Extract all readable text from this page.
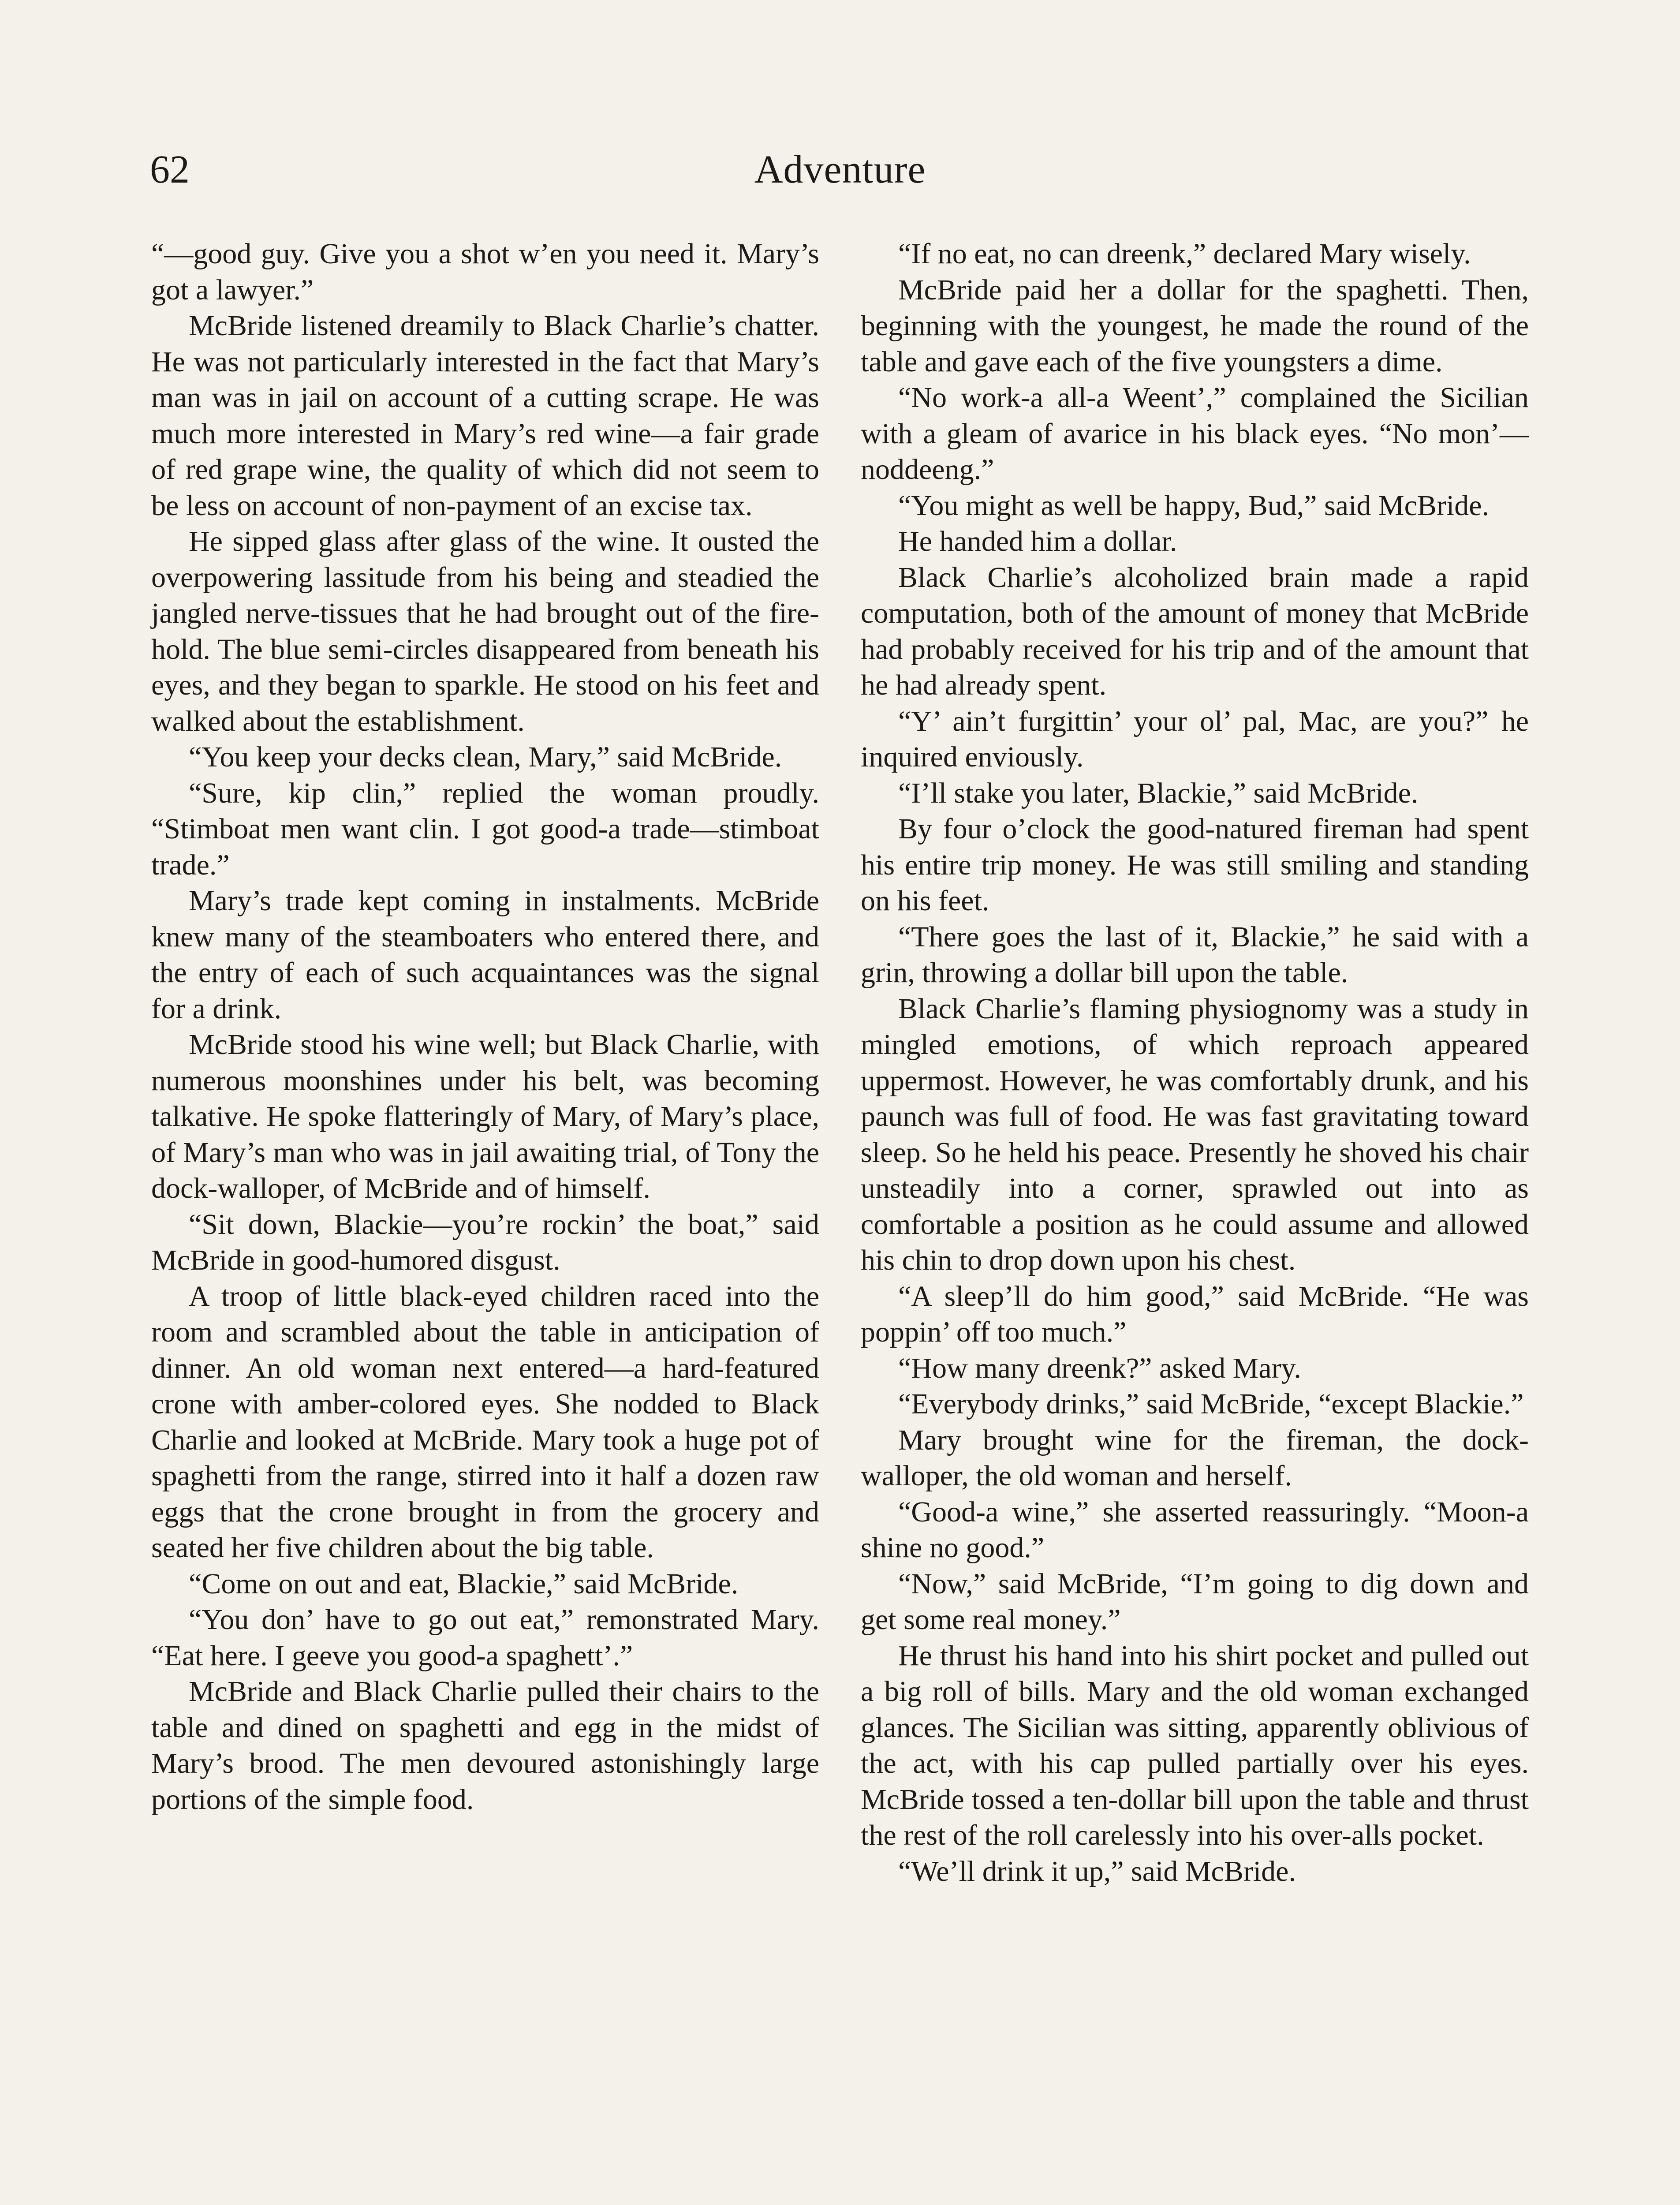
62	Adventure

“—good guy. Give you a shot w’en you need it. Mary’s got a lawyer.”

McBride listened dreamily to Black Charlie’s chatter. He was not particularly interested in the fact that Mary’s man was in jail on account of a cutting scrape. He was much more interested in Mary’s red wine—a fair grade of red grape wine, the quality of which did not seem to be less on account of non-payment of an excise tax.

He sipped glass after glass of the wine. It ousted the overpowering lassitude from his being and steadied the jangled nerve-tissues that he had brought out of the fire-hold. The blue semi-circles disappeared from beneath his eyes, and they began to sparkle. He stood on his feet and walked about the establishment.

“You keep your decks clean, Mary,” said McBride.

“Sure, kip clin,” replied the woman proudly. “Stimboat men want clin. I got good-a trade—stimboat trade.”

Mary’s trade kept coming in instalments. McBride knew many of the steamboaters who entered there, and the entry of each of such acquaintances was the signal for a drink.

McBride stood his wine well; but Black Charlie, with numerous moonshines under his belt, was becoming talkative. He spoke flatteringly of Mary, of Mary’s place, of Mary’s man who was in jail awaiting trial, of Tony the dock-walloper, of McBride and of himself.

“Sit down, Blackie—you’re rockin’ the boat,” said McBride in good-humored disgust.

A troop of little black-eyed children raced into the room and scrambled about the table in anticipation of dinner. An old woman next entered—a hard-featured crone with amber-colored eyes. She nodded to Black Charlie and looked at McBride. Mary took a huge pot of spaghetti from the range, stirred into it half a dozen raw eggs that the crone brought in from the grocery and seated her five children about the big table.

“Come on out and eat, Blackie,” said McBride.

“You don’ have to go out eat,” remonstrated Mary. “Eat here. I geeve you good-a spaghett’.”

McBride and Black Charlie pulled their chairs to the table and dined on spaghetti and egg in the midst of Mary’s brood. The men devoured astonishingly large portions of the simple food.

“If no eat, no can dreenk,” declared Mary wisely.

McBride paid her a dollar for the spaghetti. Then, beginning with the youngest, he made the round of the table and gave each of the five youngsters a dime.

“No work-a all-a Weent’,” complained the Sicilian with a gleam of avarice in his black eyes. “No mon’—noddeeng.”

“You might as well be happy, Bud,” said McBride.

He handed him a dollar.

Black Charlie’s alcoholized brain made a rapid computation, both of the amount of money that McBride had probably received for his trip and of the amount that he had already spent.

“Y’ ain’t furgittin’ your ol’ pal, Mac, are you?” he inquired enviously.

“I’ll stake you later, Blackie,” said McBride.

By four o’clock the good-natured fireman had spent his entire trip money. He was still smiling and standing on his feet.

“There goes the last of it, Blackie,” he said with a grin, throwing a dollar bill upon the table.

Black Charlie’s flaming physiognomy was a study in mingled emotions, of which reproach appeared uppermost. However, he was comfortably drunk, and his paunch was full of food. He was fast gravitating toward sleep. So he held his peace. Presently he shoved his chair unsteadily into a corner, sprawled out into as comfortable a position as he could assume and allowed his chin to drop down upon his chest.

“A sleep’ll do him good,” said McBride. “He was poppin’ off too much.”

“How many dreenk?” asked Mary.

“Everybody drinks,” said McBride, “except Blackie.”

Mary brought wine for the fireman, the dock-walloper, the old woman and herself.

“Good-a wine,” she asserted reassuringly. “Moon-a shine no good.”

“Now,” said McBride, “I’m going to dig down and get some real money.”

He thrust his hand into his shirt pocket and pulled out a big roll of bills. Mary and the old woman exchanged glances. The Sicilian was sitting, apparently oblivious of the act, with his cap pulled partially over his eyes. McBride tossed a ten-dollar bill upon the table and thrust the rest of the roll carelessly into his over-alls pocket.

“We’ll drink it up,” said McBride.
